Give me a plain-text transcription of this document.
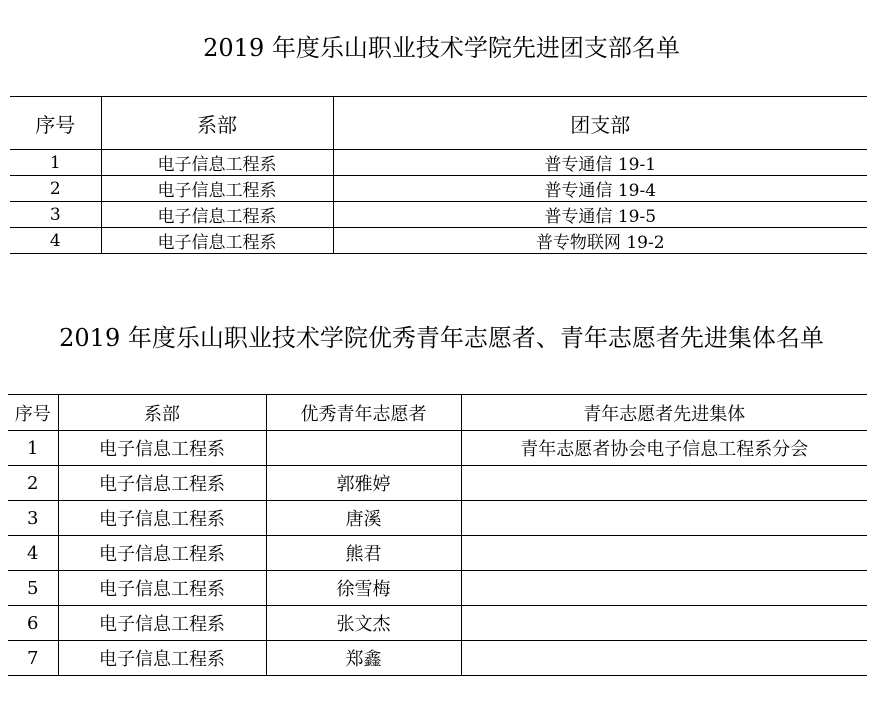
2019 年度乐山职业技术学院先进团支部名单
序号	系部	团支部
1	电子信息工程系	普专通信 19-1
2	电子信息工程系	普专通信 19-4
3	电子信息工程系	普专通信 19-5
4	电子信息工程系	普专物联网 19-2
2019 年度乐山职业技术学院优秀青年志愿者、青年志愿者先进集体名单
序号	系部	优秀青年志愿者	青年志愿者先进集体
1	电子信息工程系		青年志愿者协会电子信息工程系分会
2	电子信息工程系	郭雅婷	
3	电子信息工程系	唐溪	
4	电子信息工程系	熊君	
5	电子信息工程系	徐雪梅	
6	电子信息工程系	张文杰	
7	电子信息工程系	郑鑫	
